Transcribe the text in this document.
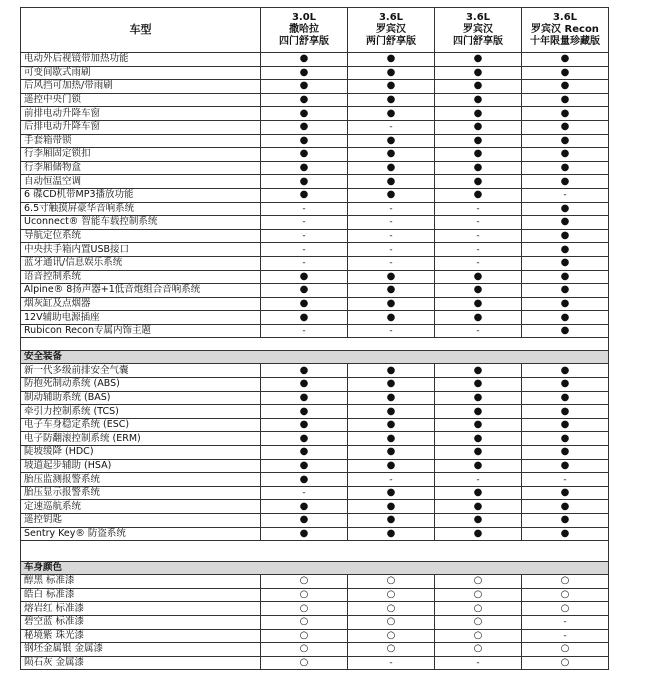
车型	3.0L
撒哈拉
四门舒享版	3.6L
罗宾汉
两门舒享版	3.6L
罗宾汉
四门舒享版	3.6L
罗宾汉 Recon
十年限量珍藏版

电动外后视镜带加热功能	●	●	●	●
可变间歇式雨刷	●	●	●	●
后风挡可加热/带雨刷	●	●	●	●
遥控中央门锁	●	●	●	●
前排电动升降车窗	●	●	●	●
后排电动升降车窗	●	-	●	●
手套箱带锁	●	●	●	●
行李厢固定锁扣	●	●	●	●
行李厢储物盒	●	●	●	●
自动恒温空调	●	●	●	●
6 碟CD机带MP3播放功能	●	●	●	-
6.5寸触摸屏豪华音响系统	-	-	-	●
Uconnect® 智能车载控制系统	-	-	-	●
导航定位系统	-	-	-	●
中央扶手箱内置USB接口	-	-	-	●
蓝牙通讯/信息娱乐系统	-	-	-	●
语音控制系统	●	●	●	●
Alpine® 8扬声器+1低音炮组合音响系统	●	●	●	●
烟灰缸及点烟器	●	●	●	●
12V辅助电源插座	●	●	●	●
Rubicon Recon专属内饰主题	-	-	-	●

安全装备				
新一代多级前排安全气囊	●	●	●	●
防抱死制动系统 (ABS)	●	●	●	●
制动辅助系统 (BAS)	●	●	●	●
牵引力控制系统 (TCS)	●	●	●	●
电子车身稳定系统 (ESC)	●	●	●	●
电子防翻滚控制系统 (ERM)	●	●	●	●
陡坡缓降 (HDC)	●	●	●	●
坡道起步辅助 (HSA)	●	●	●	●
胎压监测报警系统	●	-	-	-
胎压显示报警系统	-	●	●	●
定速巡航系统	●	●	●	●
遥控钥匙	●	●	●	●
Sentry Key® 防盗系统	●	●	●	●

车身颜色				
醇黑 标准漆	○	○	○	○
皓白 标准漆	○	○	○	○
熔岩红 标准漆	○	○	○	○
碧空蓝 标准漆	○	○	○	-
秘境紫 珠光漆	○	○	○	-
钢坯金属银 金属漆	○	○	○	○
陨石灰 金属漆	○	-	-	○
